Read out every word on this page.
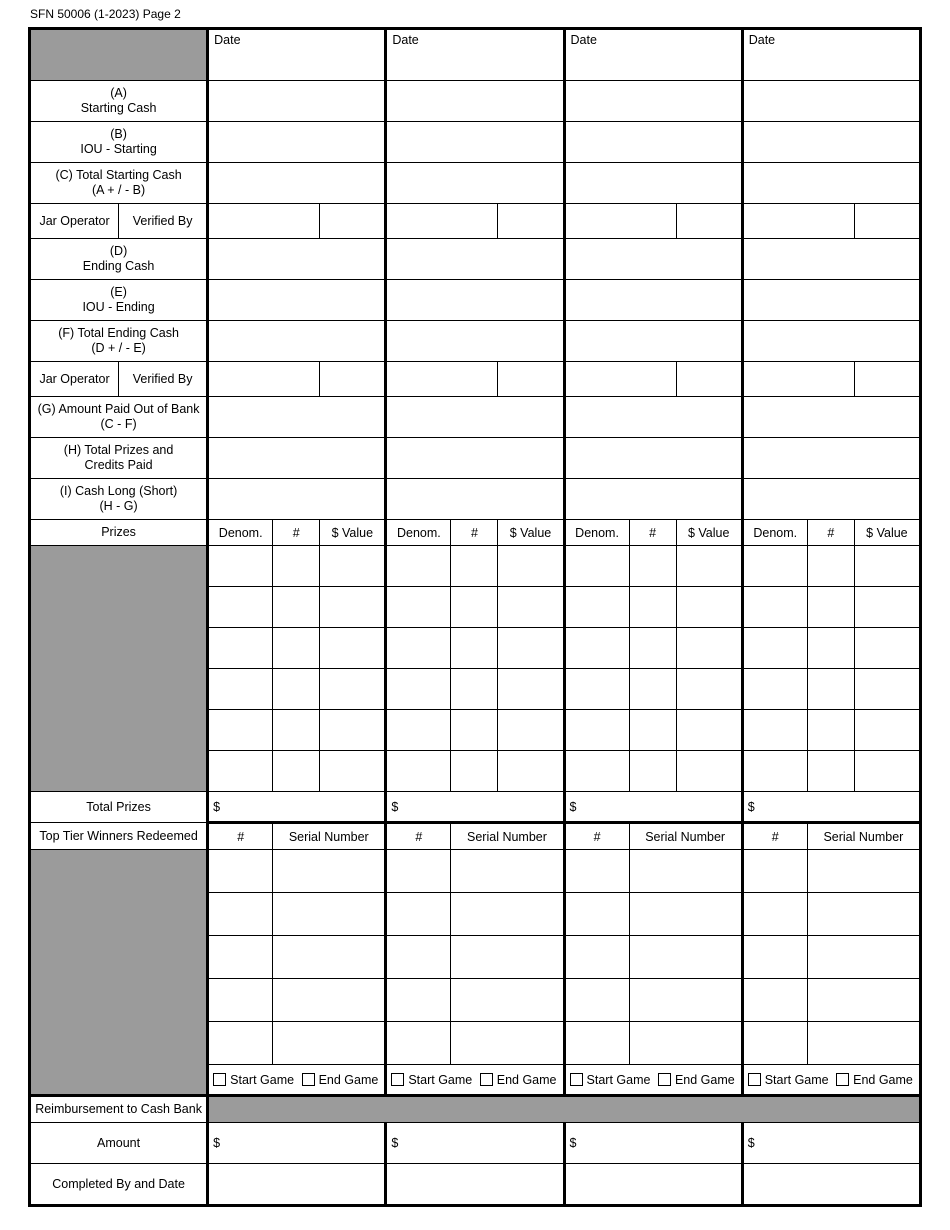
SFN 50006 (1-2023) Page 2
		Date			Date			Date			Date		
(A)
Starting Cash													
(B)
IOU - Starting													
(C) Total Starting Cash
(A + / - B)													
Jar Operator	Verified By												
(D)
Ending Cash													
(E)
IOU - Ending													
(F) Total Ending Cash
(D + / - E)													
Jar Operator	Verified By												
(G) Amount Paid Out of Bank
(C - F)													
(H) Total Prizes and
Credits Paid													
(I) Cash Long (Short)
(H - G)													
Prizes		Denom.	#	$ Value	Denom.	#	$ Value	Denom.	#	$ Value	Denom.	#	$ Value

Total Prizes		$			$			$			$		
Top Tier Winners Redeemed		#	Serial Number		#	Serial Number		#	Serial Number		#	Serial Number	

		Start Game End Game			Start Game End Game			Start Game End Game			Start Game End Game		
Reimbursement to Cash Bank													
Amount		$			$			$			$		
Completed By and Date													
